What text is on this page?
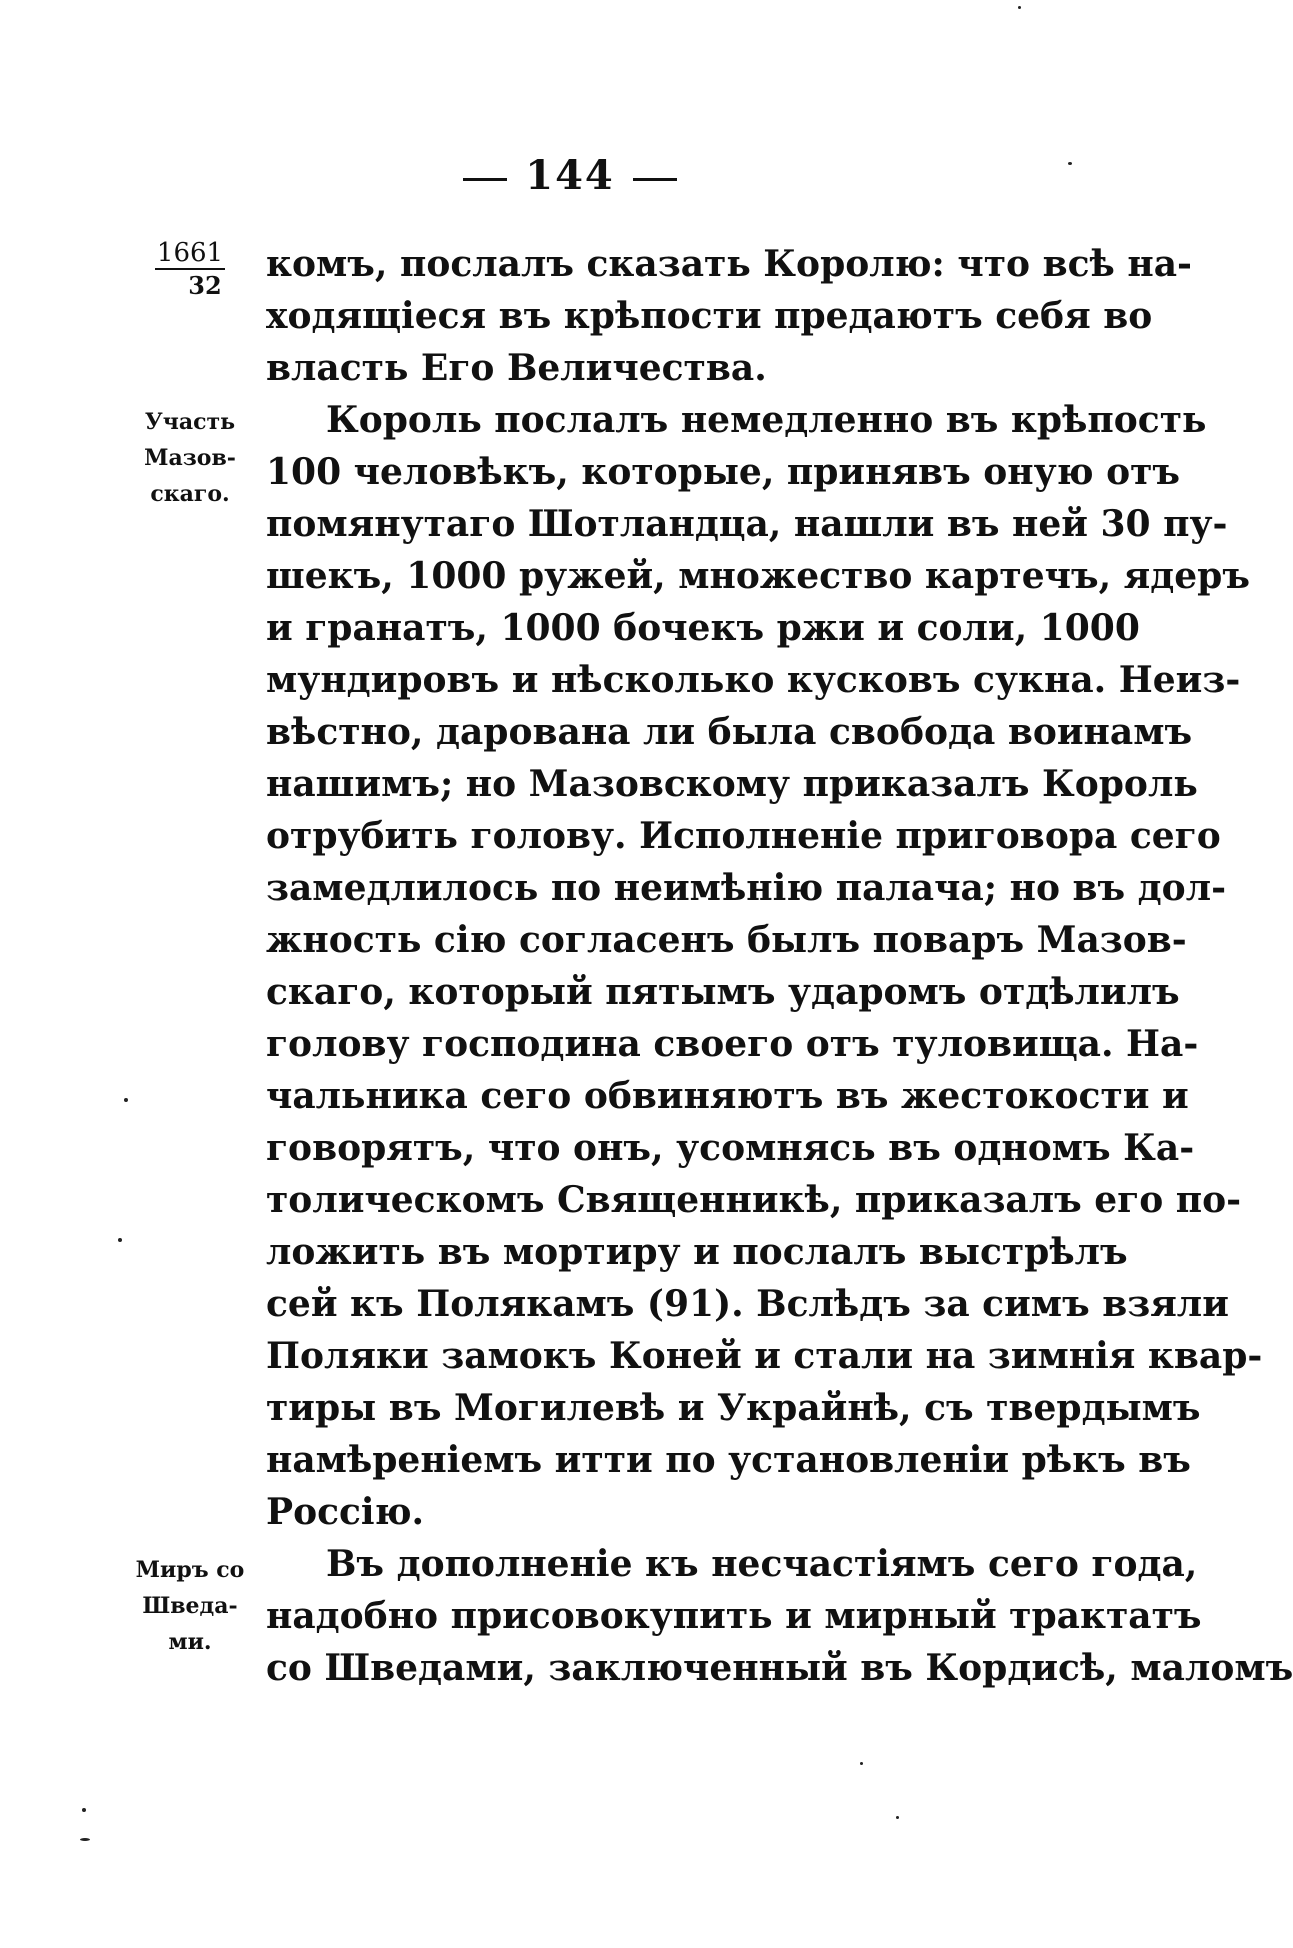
144
1661
32
Участь
Мазов-
скаго.
Миръ со
Шведа-
ми.
комъ, послалъ сказать Королю: что всѣ на-
ходящіеся въ крѣпости предаютъ себя во
власть Его Величества.
Король послалъ немедленно въ крѣпость
100 человѣкъ, которые, принявъ оную отъ
помянутаго Шотландца, нашли въ ней 30 пу-
шекъ, 1000 ружей, множество картечъ, ядеръ
и гранатъ, 1000 бочекъ ржи и соли, 1000
мундировъ и нѣсколько кусковъ сукна. Неиз-
вѣстно, дарована ли была свобода воинамъ
нашимъ; но Мазовскому приказалъ Король
отрубить голову. Исполненіе приговора сего
замедлилось по неимѣнію палача; но въ дол-
жность сію согласенъ былъ поваръ Мазов-
скаго, который пятымъ ударомъ отдѣлилъ
голову господина своего отъ туловища. На-
чальника сего обвиняютъ въ жестокости и
говорятъ, что онъ, усомнясь въ одномъ Ка-
толическомъ Священникѣ, приказалъ его по-
ложить въ мортиру и послалъ выстрѣлъ
сей къ Полякамъ (91). Вслѣдъ за симъ взяли
Поляки замокъ Коней и стали на зимнія квар-
тиры въ Могилевѣ и Украйнѣ, съ твердымъ
намѣреніемъ итти по установленіи рѣкъ въ
Россію.
Въ дополненіе къ несчастіямъ сего года,
надобно присовокупить и мирный трактатъ
со Шведами, заключенный въ Кордисѣ, маломъ
